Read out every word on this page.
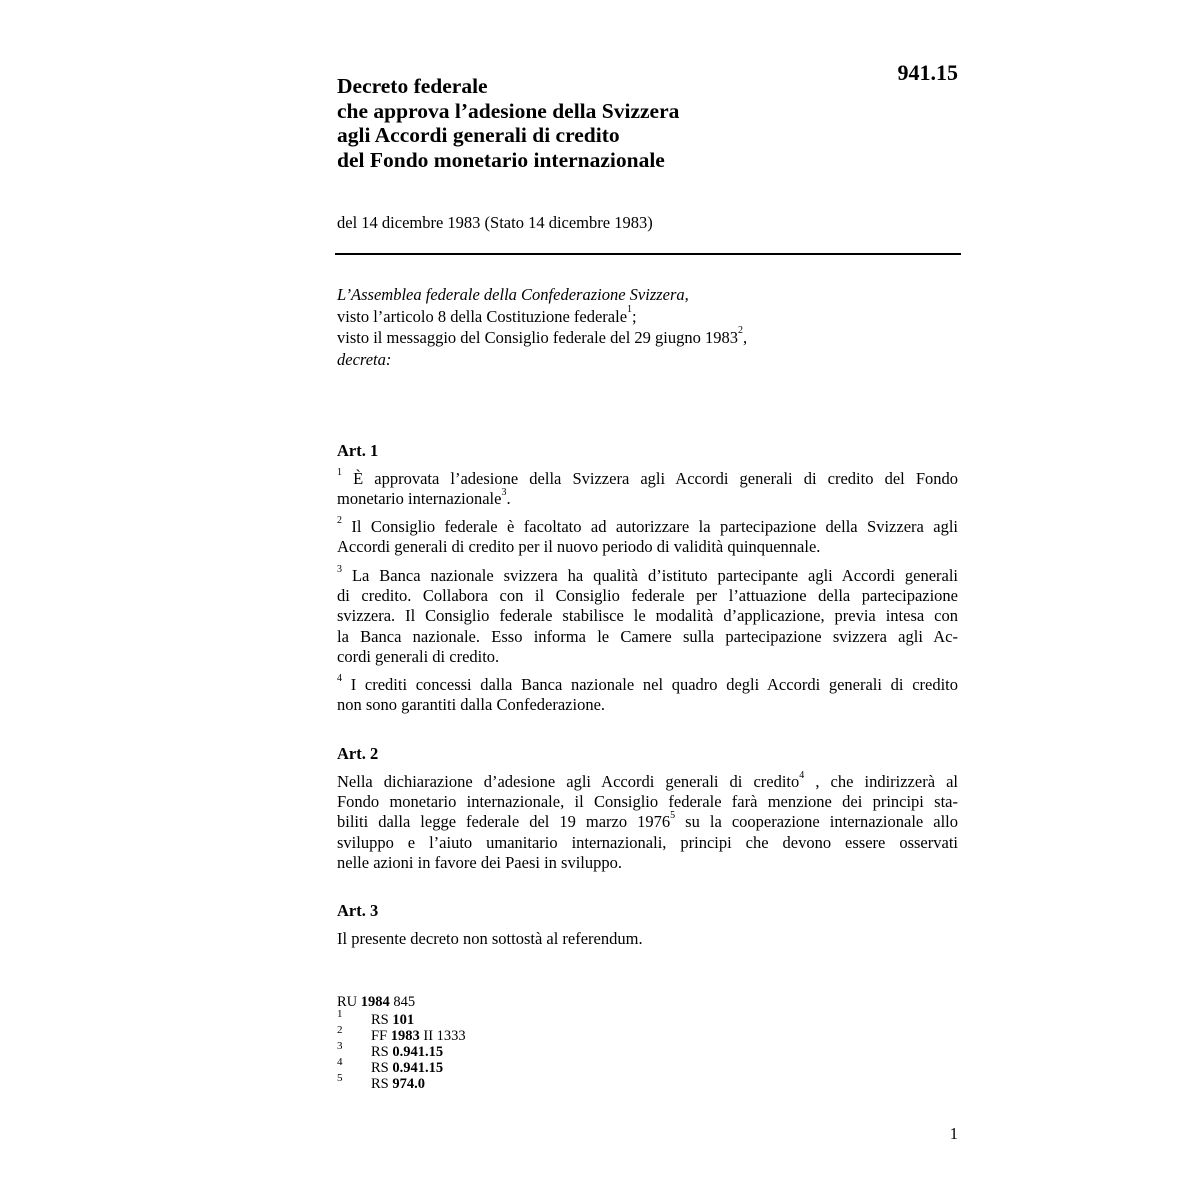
941.15
Decreto federale
che approva l’adesione della Svizzera
agli Accordi generali di credito
del Fondo monetario internazionale
del 14 dicembre 1983 (Stato 14 dicembre 1983)
L’Assemblea federale della Confederazione Svizzera,
visto l’articolo 8 della Costituzione federale$^1$;
visto il messaggio del Consiglio federale del 29 giugno 1983$^2$,
decreta:
Art. 1
$^1$ È approvata l’adesione della Svizzera agli Accordi generali di credito del Fondo
monetario internazionale$^3$.
$^2$ Il Consiglio federale è facoltato ad autorizzare la partecipazione della Svizzera agli
Accordi generali di credito per il nuovo periodo di validità quinquennale.
$^3$ La Banca nazionale svizzera ha qualità d’istituto partecipante agli Accordi generali
di credito. Collabora con il Consiglio federale per l’attuazione della partecipazione
svizzera. Il Consiglio federale stabilisce le modalità d’applicazione, previa intesa con
la Banca nazionale. Esso informa le Camere sulla partecipazione svizzera agli Ac-
cordi generali di credito.
$^4$ I crediti concessi dalla Banca nazionale nel quadro degli Accordi generali di credito
non sono garantiti dalla Confederazione.
Art. 2
Nella dichiarazione d’adesione agli Accordi generali di credito$^4$ , che indirizzerà al
Fondo monetario internazionale, il Consiglio federale farà menzione dei principi sta-
biliti dalla legge federale del 19 marzo 1976$^5$ su la cooperazione internazionale allo
sviluppo e l’aiuto umanitario internazionali, principi che devono essere osservati
nelle azioni in favore dei Paesi in sviluppo.
Art. 3
Il presente decreto non sottostà al referendum.
RU 1984 845
1 RS 101
2 FF 1983 II 1333
3 RS 0.941.15
4 RS 0.941.15
5 RS 974.0
1
